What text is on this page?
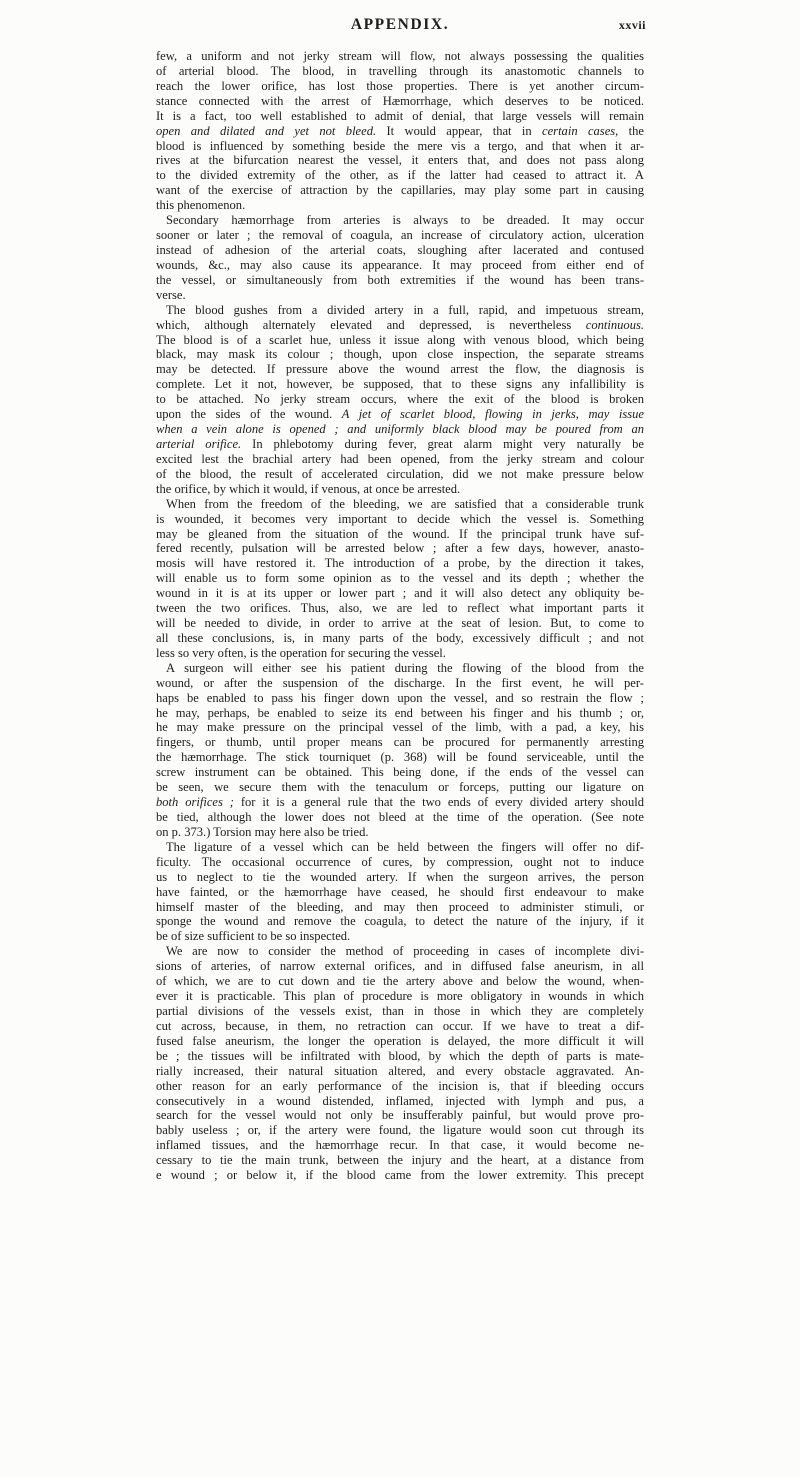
APPENDIX.	xxvii
few, a uniform and not jerky stream will flow, not always possessing the qualities
of arterial blood. The blood, in travelling through its anastomotic channels to
reach the lower orifice, has lost those properties. There is yet another circum-
stance connected with the arrest of Hæmorrhage, which deserves to be noticed.
It is a fact, too well established to admit of denial, that large vessels will remain
open and dilated and yet not bleed. It would appear, that in certain cases, the
blood is influenced by something beside the mere vis a tergo, and that when it ar-
rives at the bifurcation nearest the vessel, it enters that, and does not pass along
to the divided extremity of the other, as if the latter had ceased to attract it. A
want of the exercise of attraction by the capillaries, may play some part in causing
this phenomenon.
Secondary hæmorrhage from arteries is always to be dreaded. It may occur
sooner or later ; the removal of coagula, an increase of circulatory action, ulceration
instead of adhesion of the arterial coats, sloughing after lacerated and contused
wounds, &c., may also cause its appearance. It may proceed from either end of
the vessel, or simultaneously from both extremities if the wound has been trans-
verse.
The blood gushes from a divided artery in a full, rapid, and impetuous stream,
which, although alternately elevated and depressed, is nevertheless continuous.
The blood is of a scarlet hue, unless it issue along with venous blood, which being
black, may mask its colour ; though, upon close inspection, the separate streams
may be detected. If pressure above the wound arrest the flow, the diagnosis is
complete. Let it not, however, be supposed, that to these signs any infallibility is
to be attached. No jerky stream occurs, where the exit of the blood is broken
upon the sides of the wound. A jet of scarlet blood, flowing in jerks, may issue
when a vein alone is opened ; and uniformly black blood may be poured from an
arterial orifice. In phlebotomy during fever, great alarm might very naturally be
excited lest the brachial artery had been opened, from the jerky stream and colour
of the blood, the result of accelerated circulation, did we not make pressure below
the orifice, by which it would, if venous, at once be arrested.
When from the freedom of the bleeding, we are satisfied that a considerable trunk
is wounded, it becomes very important to decide which the vessel is. Something
may be gleaned from the situation of the wound. If the principal trunk have suf-
fered recently, pulsation will be arrested below ; after a few days, however, anasto-
mosis will have restored it. The introduction of a probe, by the direction it takes,
will enable us to form some opinion as to the vessel and its depth ; whether the
wound in it is at its upper or lower part ; and it will also detect any obliquity be-
tween the two orifices. Thus, also, we are led to reflect what important parts it
will be needed to divide, in order to arrive at the seat of lesion. But, to come to
all these conclusions, is, in many parts of the body, excessively difficult ; and not
less so very often, is the operation for securing the vessel.
A surgeon will either see his patient during the flowing of the blood from the
wound, or after the suspension of the discharge. In the first event, he will per-
haps be enabled to pass his finger down upon the vessel, and so restrain the flow ;
he may, perhaps, be enabled to seize its end between his finger and his thumb ; or,
he may make pressure on the principal vessel of the limb, with a pad, a key, his
fingers, or thumb, until proper means can be procured for permanently arresting
the hæmorrhage. The stick tourniquet (p. 368) will be found serviceable, until the
screw instrument can be obtained. This being done, if the ends of the vessel can
be seen, we secure them with the tenaculum or forceps, putting our ligature on
both orifices ; for it is a general rule that the two ends of every divided artery should
be tied, although the lower does not bleed at the time of the operation. (See note
on p. 373.) Torsion may here also be tried.
The ligature of a vessel which can be held between the fingers will offer no dif-
ficulty. The occasional occurrence of cures, by compression, ought not to induce
us to neglect to tie the wounded artery. If when the surgeon arrives, the person
have fainted, or the hæmorrhage have ceased, he should first endeavour to make
himself master of the bleeding, and may then proceed to administer stimuli, or
sponge the wound and remove the coagula, to detect the nature of the injury, if it
be of size sufficient to be so inspected.
We are now to consider the method of proceeding in cases of incomplete divi-
sions of arteries, of narrow external orifices, and in diffused false aneurism, in all
of which, we are to cut down and tie the artery above and below the wound, when-
ever it is practicable. This plan of procedure is more obligatory in wounds in which
partial divisions of the vessels exist, than in those in which they are completely
cut across, because, in them, no retraction can occur. If we have to treat a dif-
fused false aneurism, the longer the operation is delayed, the more difficult it will
be ; the tissues will be infiltrated with blood, by which the depth of parts is mate-
rially increased, their natural situation altered, and every obstacle aggravated. An-
other reason for an early performance of the incision is, that if bleeding occurs
consecutively in a wound distended, inflamed, injected with lymph and pus, a
search for the vessel would not only be insufferably painful, but would prove pro-
bably useless ; or, if the artery were found, the ligature would soon cut through its
inflamed tissues, and the hæmorrhage recur. In that case, it would become ne-
cessary to tie the main trunk, between the injury and the heart, at a distance from
e wound ; or below it, if the blood came from the lower extremity. This precept
